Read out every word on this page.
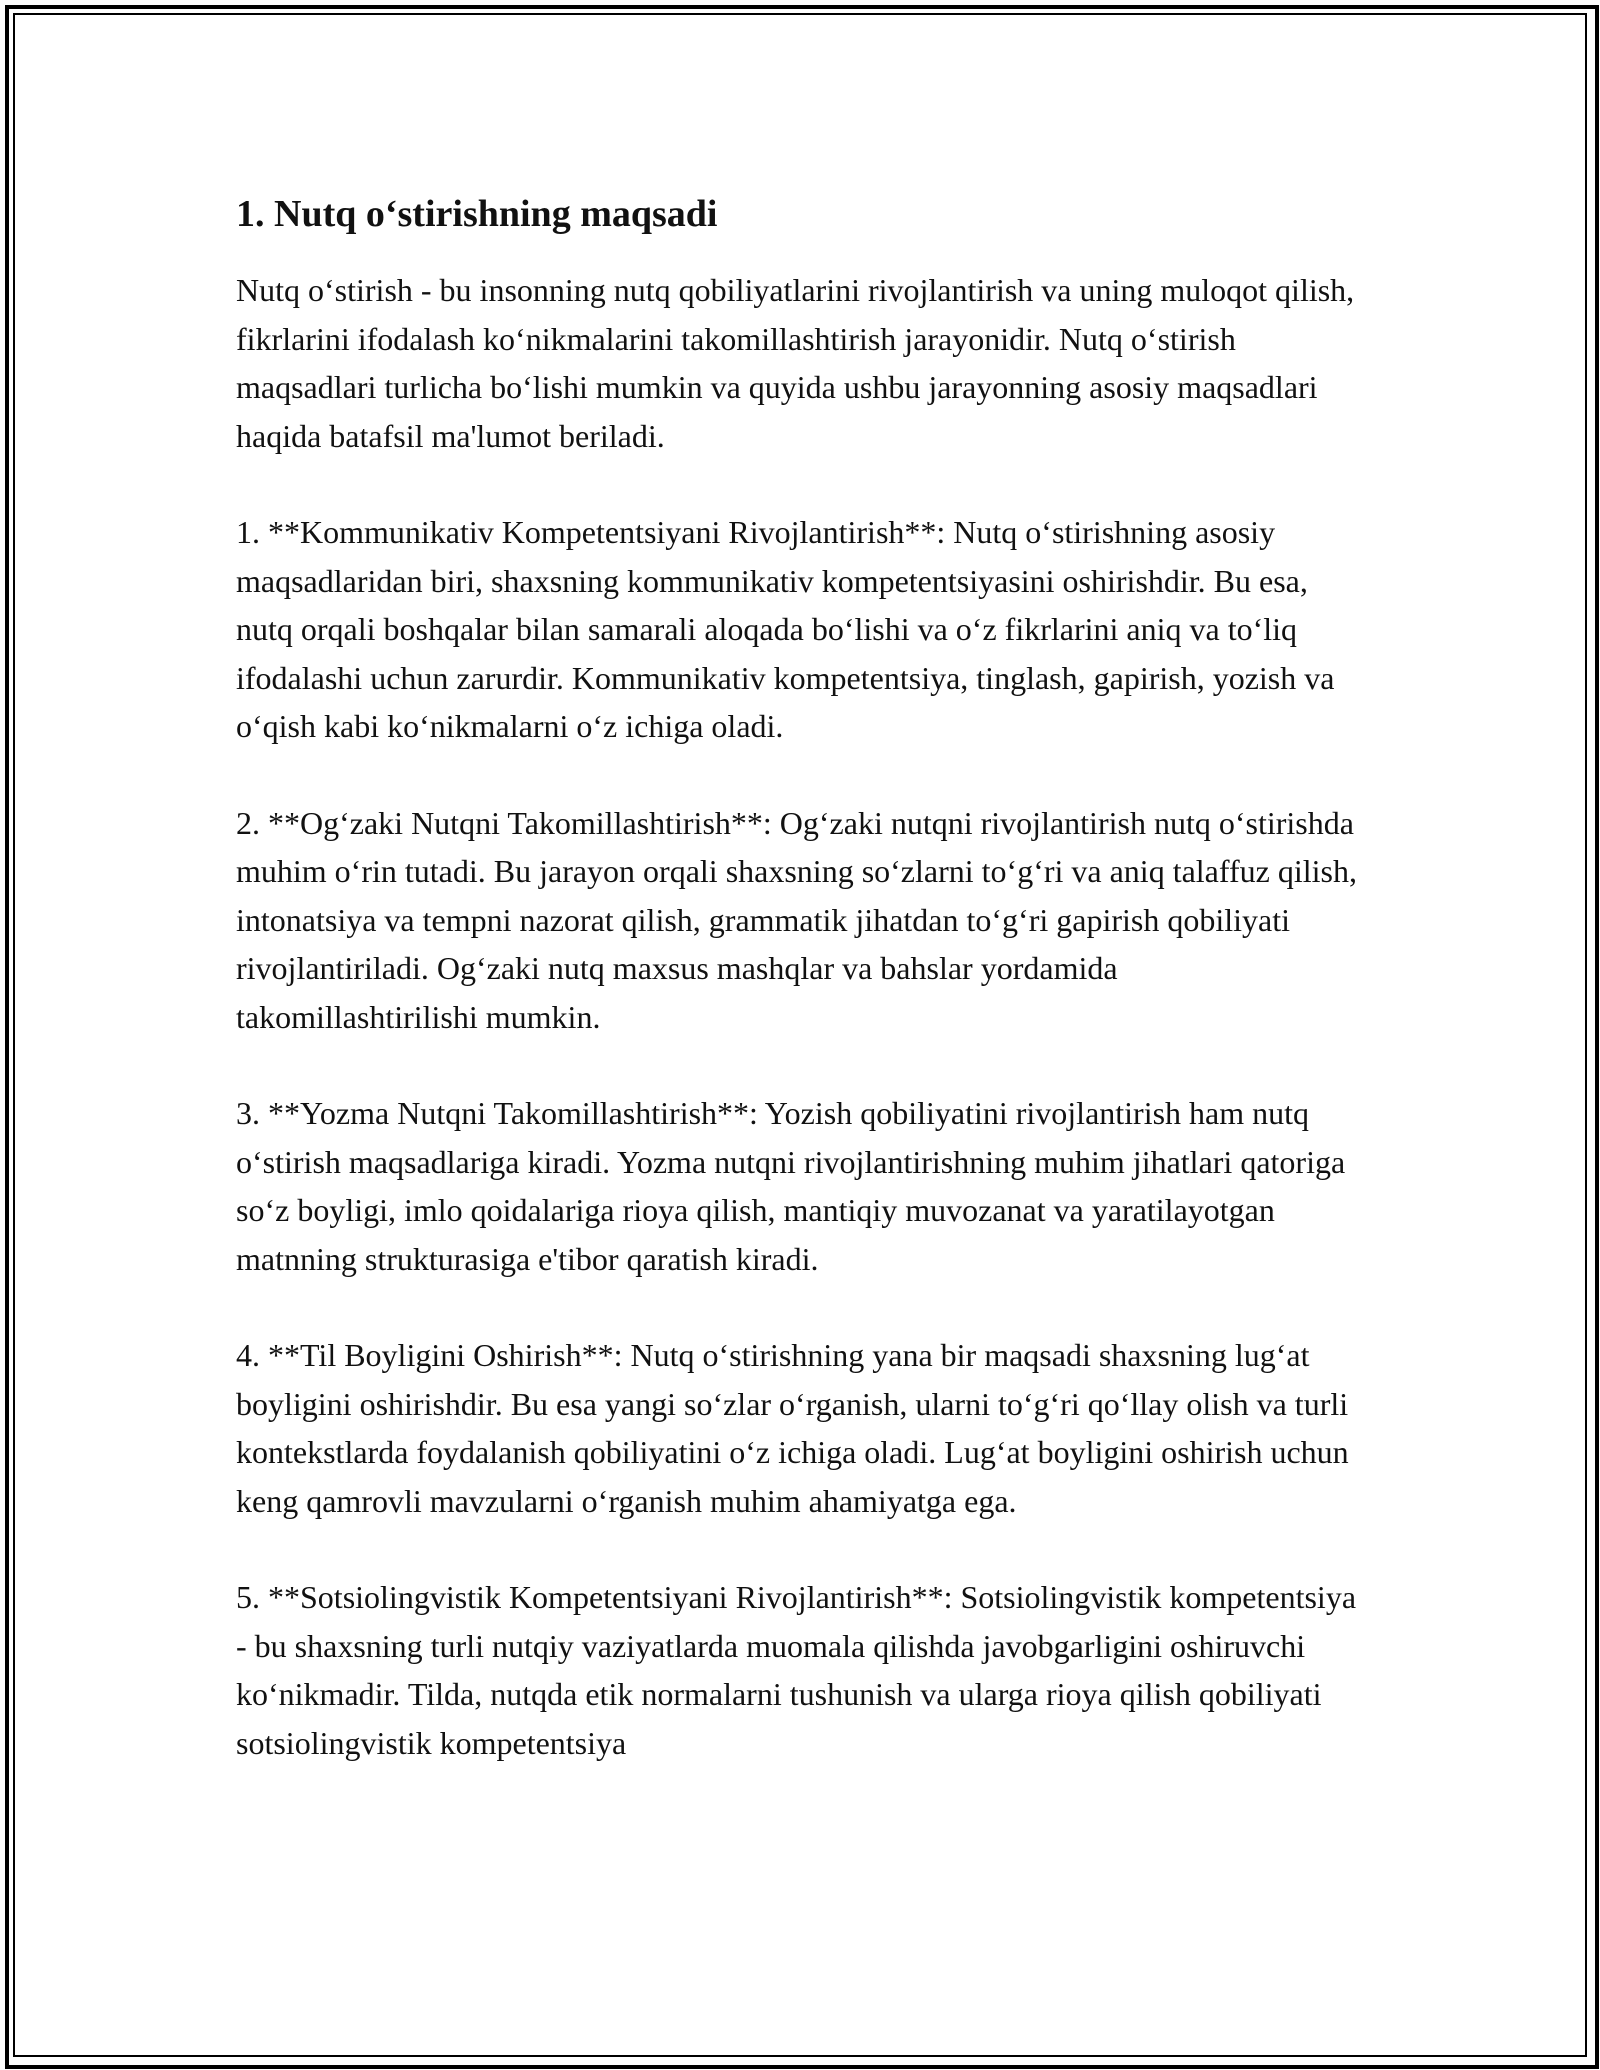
1. Nutq o‘stirishning maqsadi

Nutq o‘stirish - bu insonning nutq qobiliyatlarini rivojlantirish va uning muloqot qilish, fikrlarini ifodalash ko‘nikmalarini takomillashtirish jarayonidir. Nutq o‘stirish maqsadlari turlicha bo‘lishi mumkin va quyida ushbu jarayonning asosiy maqsadlari haqida batafsil ma'lumot beriladi.

1. **Kommunikativ Kompetentsiyani Rivojlantirish**: Nutq o‘stirishning asosiy maqsadlaridan biri, shaxsning kommunikativ kompetentsiyasini oshirishdir. Bu esa, nutq orqali boshqalar bilan samarali aloqada bo‘lishi va o‘z fikrlarini aniq va to‘liq ifodalashi uchun zarurdir. Kommunikativ kompetentsiya, tinglash, gapirish, yozish va o‘qish kabi ko‘nikmalarni o‘z ichiga oladi.

2. **Og‘zaki Nutqni Takomillashtirish**: Og‘zaki nutqni rivojlantirish nutq o‘stirishda muhim o‘rin tutadi. Bu jarayon orqali shaxsning so‘zlarni to‘g‘ri va aniq talaffuz qilish, intonatsiya va tempni nazorat qilish, grammatik jihatdan to‘g‘ri gapirish qobiliyati rivojlantiriladi. Og‘zaki nutq maxsus mashqlar va bahslar yordamida takomillashtirilishi mumkin.

3. **Yozma Nutqni Takomillashtirish**: Yozish qobiliyatini rivojlantirish ham nutq o‘stirish maqsadlariga kiradi. Yozma nutqni rivojlantirishning muhim jihatlari qatoriga so‘z boyligi, imlo qoidalariga rioya qilish, mantiqiy muvozanat va yaratilayotgan matnning strukturasiga e'tibor qaratish kiradi.

4. **Til Boyligini Oshirish**: Nutq o‘stirishning yana bir maqsadi shaxsning lug‘at boyligini oshirishdir. Bu esa yangi so‘zlar o‘rganish, ularni to‘g‘ri qo‘llay olish va turli kontekstlarda foydalanish qobiliyatini o‘z ichiga oladi. Lug‘at boyligini oshirish uchun keng qamrovli mavzularni o‘rganish muhim ahamiyatga ega.

5. **Sotsiolingvistik Kompetentsiyani Rivojlantirish**: Sotsiolingvistik kompetentsiya - bu shaxsning turli nutqiy vaziyatlarda muomala qilishda javobgarligini oshiruvchi ko‘nikmadir. Tilda, nutqda etik normalarni tushunish va ularga rioya qilish qobiliyati sotsiolingvistik kompetentsiya
